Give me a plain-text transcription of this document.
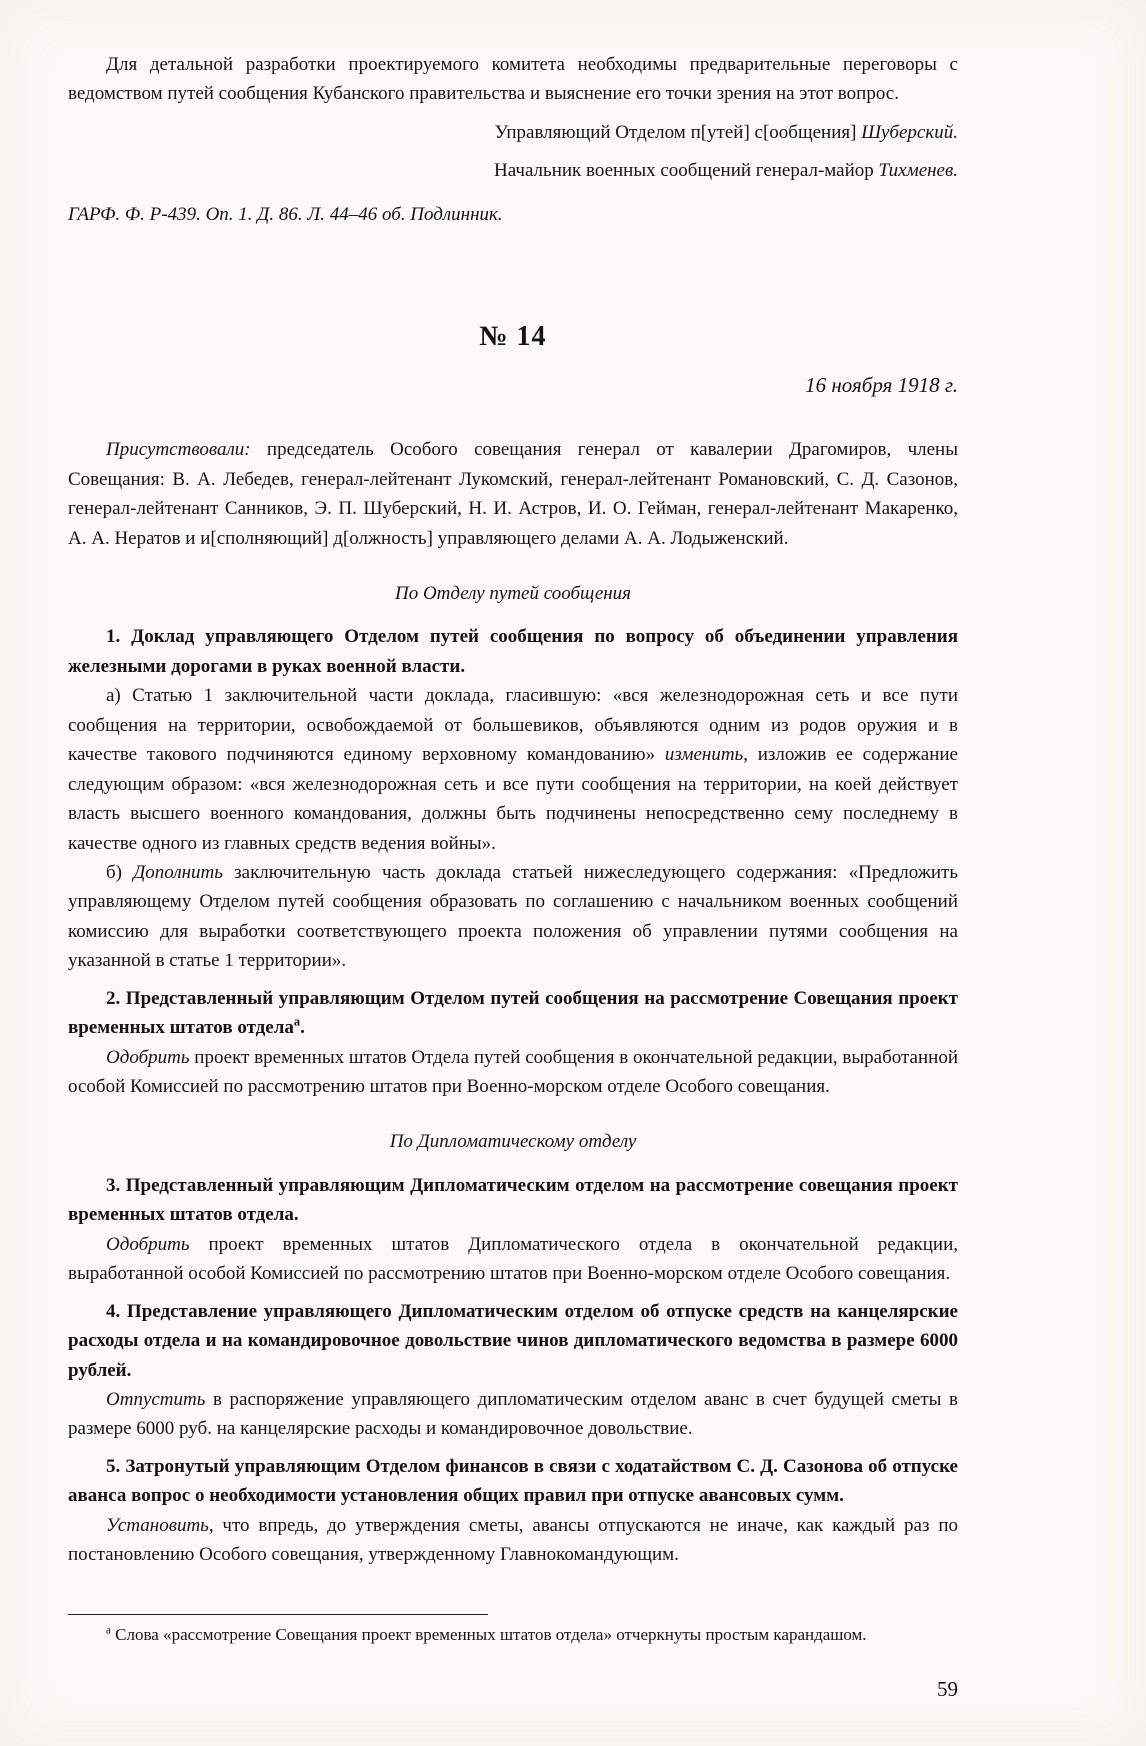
Для детальной разработки проектируемого комитета необходимы предварительные переговоры с ведомством путей сообщения Кубанского правительства и выяснение его точки зрения на этот вопрос.

Управляющий Отделом п[утей] с[ообщения] Шуберский.

Начальник военных сообщений генерал-майор Тихменев.

ГАРФ. Ф. Р-439. Оп. 1. Д. 86. Л. 44–46 об. Подлинник.

№ 14

16 ноября 1918 г.

Присутствовали: председатель Особого совещания генерал от кавалерии Драгомиров, члены Совещания: В. А. Лебедев, генерал-лейтенант Лукомский, генерал-лейтенант Романовский, С. Д. Сазонов, генерал-лейтенант Санников, Э. П. Шуберский, Н. И. Астров, И. О. Гейман, генерал-лейтенант Макаренко, А. А. Нератов и и[сполняющий] д[олжность] управляющего делами А. А. Лодыженский.

По Отделу путей сообщения

1. Доклад управляющего Отделом путей сообщения по вопросу об объединении управления железными дорогами в руках военной власти.

а) Статью 1 заключительной части доклада, гласившую: «вся железнодорожная сеть и все пути сообщения на территории, освобождаемой от большевиков, объявляются одним из родов оружия и в качестве такового подчиняются единому верховному командованию» изменить, изложив ее содержание следующим образом: «вся железнодорожная сеть и все пути сообщения на территории, на коей действует власть высшего военного командования, должны быть подчинены непосредственно сему последнему в качестве одного из главных средств ведения войны».

б) Дополнить заключительную часть доклада статьей нижеследующего содержания: «Предложить управляющему Отделом путей сообщения образовать по соглашению с начальником военных сообщений комиссию для выработки соответствующего проекта положения об управлении путями сообщения на указанной в статье 1 территории».

2. Представленный управляющим Отделом путей сообщения на рассмотрение Совещания проект временных штатов отдела$^а$.

Одобрить проект временных штатов Отдела путей сообщения в окончательной редакции, выработанной особой Комиссией по рассмотрению штатов при Военно-морском отделе Особого совещания.

По Дипломатическому отделу

3. Представленный управляющим Дипломатическим отделом на рассмотрение совещания проект временных штатов отдела.

Одобрить проект временных штатов Дипломатического отдела в окончательной редакции, выработанной особой Комиссией по рассмотрению штатов при Военно-морском отделе Особого совещания.

4. Представление управляющего Дипломатическим отделом об отпуске средств на канцелярские расходы отдела и на командировочное довольствие чинов дипломатического ведомства в размере 6000 рублей.

Отпустить в распоряжение управляющего дипломатическим отделом аванс в счет будущей сметы в размере 6000 руб. на канцелярские расходы и командировочное довольствие.

5. Затронутый управляющим Отделом финансов в связи с ходатайством С. Д. Сазонова об отпуске аванса вопрос о необходимости установления общих правил при отпуске авансовых сумм.

Установить, что впредь, до утверждения сметы, авансы отпускаются не иначе, как каждый раз по постановлению Особого совещания, утвержденному Главнокомандующим.

$^а$ Слова «рассмотрение Совещания проект временных штатов отдела» отчеркнуты простым карандашом.

59
